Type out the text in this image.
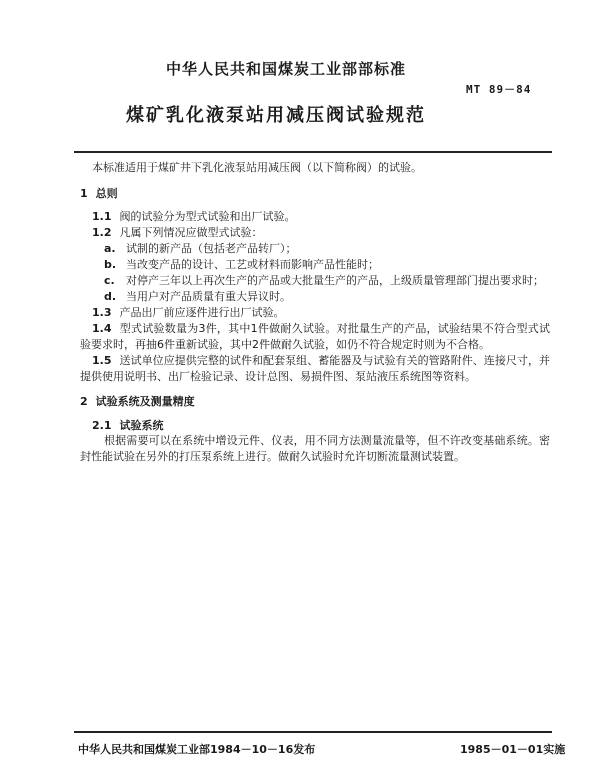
中华人民共和国煤炭工业部部标准
MT 89－84
煤矿乳化液泵站用减压阀试验规范
本标准适用于煤矿井下乳化液泵站用减压阀（以下简称阀）的试验。
1 总则
1.1 阀的试验分为型式试验和出厂试验。
1.2 凡属下列情况应做型式试验：
a. 试制的新产品（包括老产品转厂）；
b. 当改变产品的设计、工艺或材料而影响产品性能时；
c. 对停产三年以上再次生产的产品或大批量生产的产品，上级质量管理部门提出要求时；
d. 当用户对产品质量有重大异议时。
1.3 产品出厂前应逐件进行出厂试验。
1.4 型式试验数量为3件，其中1件做耐久试验。对批量生产的产品，试验结果不符合型式试验要求时，再抽6件重新试验，其中2件做耐久试验，如仍不符合规定时则为不合格。
1.5 送试单位应提供完整的试件和配套泵组、蓄能器及与试验有关的管路附件、连接尺寸，并提供使用说明书、出厂检验记录、设计总图、易损件图、泵站液压系统图等资料。
2 试验系统及测量精度
2.1 试验系统
根据需要可以在系统中增设元件、仪表，用不同方法测量流量等，但不许改变基础系统。密封性能试验在另外的打压泵系统上进行。做耐久试验时允许切断流量测试装置。
中华人民共和国煤炭工业部1984－10－16发布	1985－01－01实施
